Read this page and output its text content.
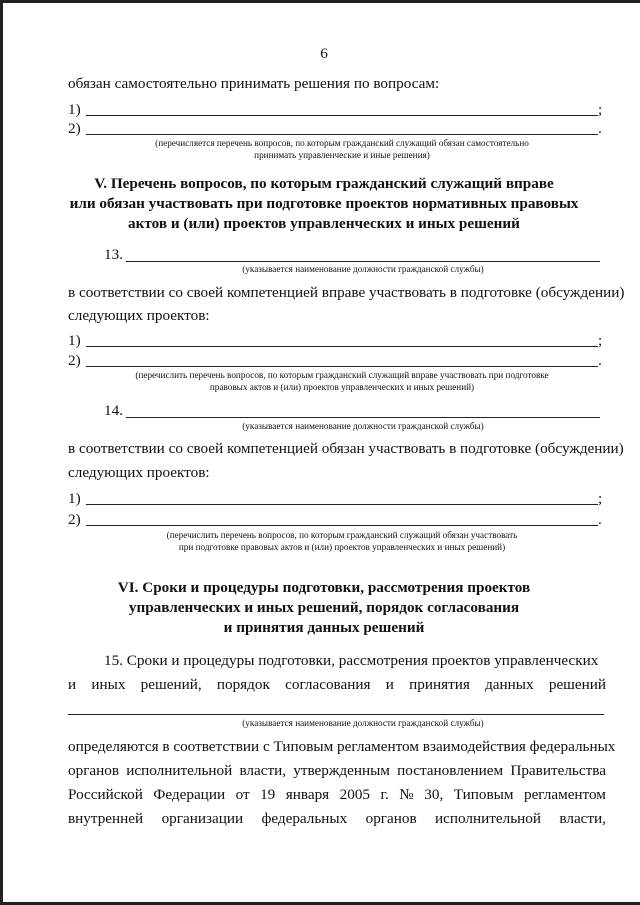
6
обязан самостоятельно принимать решения по вопросам:
1)	;
2)	.
(перечисляется перечень вопросов, по которым гражданский служащий обязан самостоятельно
принимать управленческие и иные решения)
V. Перечень вопросов, по которым гражданский служащий вправе
или обязан участвовать при подготовке проектов нормативных правовых
актов и (или) проектов управленческих и иных решений
13.
(указывается наименование должности гражданской службы)
в соответствии со своей компетенцией вправе участвовать в подготовке (обсуждении)
следующих проектов:
1)	;
2)	.
(перечислить перечень вопросов, по которым гражданский служащий вправе участвовать при подготовке
правовых актов и (или) проектов управленческих и иных решений)
14.
(указывается наименование должности гражданской службы)
в соответствии со своей компетенцией обязан участвовать в подготовке (обсуждении)
следующих проектов:
1)	;
2)	.
(перечислить перечень вопросов, по которым гражданский служащий обязан участвовать
при подготовке правовых актов и (или) проектов управленческих и иных решений)
VI. Сроки и процедуры подготовки, рассмотрения проектов
управленческих и иных решений, порядок согласования
и принятия данных решений
15. Сроки и процедуры подготовки, рассмотрения проектов управленческих
и иных решений, порядок согласования и принятия данных решений
(указывается наименование должности гражданской службы)
определяются в соответствии с Типовым регламентом взаимодействия федеральных
органов исполнительной власти, утвержденным постановлением Правительства
Российской Федерации от 19 января 2005 г. № 30, Типовым регламентом
внутренней организации федеральных органов исполнительной власти,
